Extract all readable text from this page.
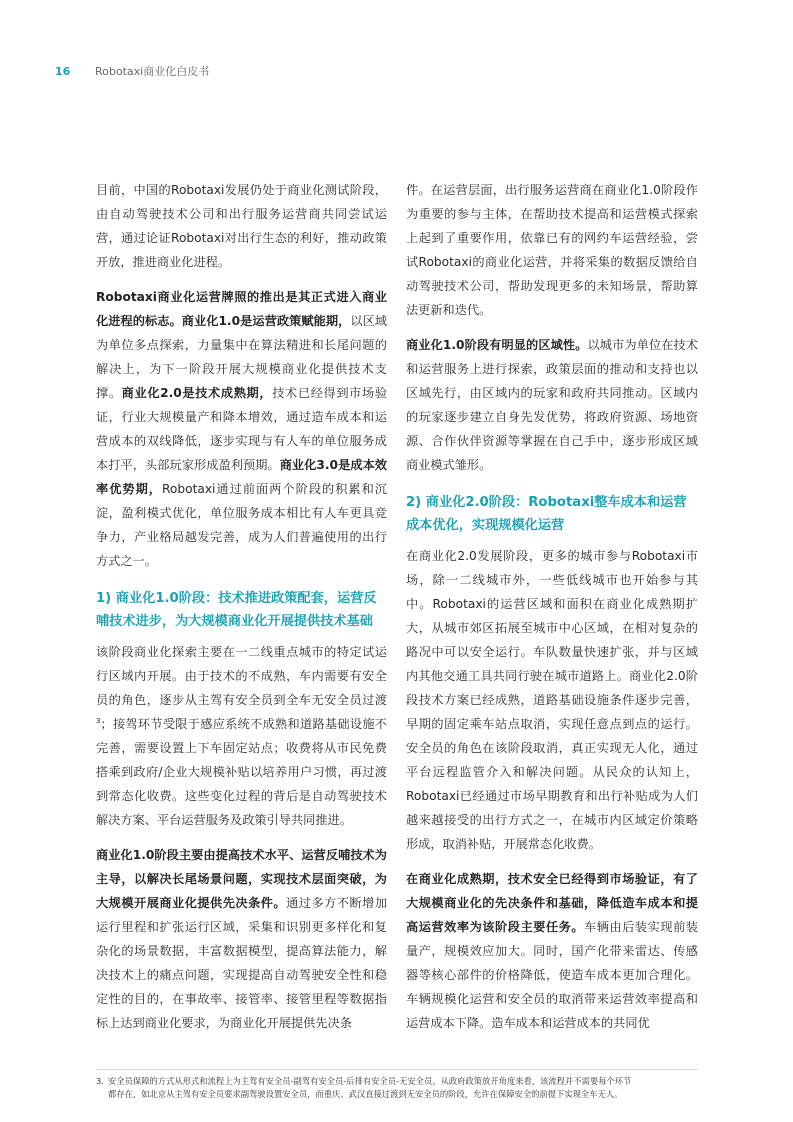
16	Robotaxi商业化白皮书

目前，中国的Robotaxi发展仍处于商业化测试阶段，由自动驾驶技术公司和出行服务运营商共同尝试运营，通过论证Robotaxi对出行生态的利好，推动政策开放，推进商业化进程。

Robotaxi商业化运营牌照的推出是其正式进入商业化进程的标志。商业化1.0是运营政策赋能期，以区域为单位多点探索，力量集中在算法精进和长尾问题的解决上，为下一阶段开展大规模商业化提供技术支撑。商业化2.0是技术成熟期，技术已经得到市场验证，行业大规模量产和降本增效，通过造车成本和运营成本的双线降低，逐步实现与有人车的单位服务成本打平，头部玩家形成盈利预期。商业化3.0是成本效率优势期，Robotaxi通过前面两个阶段的积累和沉淀，盈利模式优化，单位服务成本相比有人车更具竞争力，产业格局越发完善，成为人们普遍使用的出行方式之一。

1) 商业化1.0阶段：技术推进政策配套，运营反哺技术进步，为大规模商业化开展提供技术基础

该阶段商业化探索主要在一二线重点城市的特定试运行区域内开展。由于技术的不成熟，车内需要有安全员的角色，逐步从主驾有安全员到全车无安全员过渡$^3$；接驾环节受限于感应系统不成熟和道路基础设施不完善，需要设置上下车固定站点；收费将从市民免费搭乘到政府/企业大规模补贴以培养用户习惯，再过渡到常态化收费。这些变化过程的背后是自动驾驶技术解决方案、平台运营服务及政策引导共同推进。

商业化1.0阶段主要由提高技术水平、运营反哺技术为主导，以解决长尾场景问题，实现技术层面突破，为大规模开展商业化提供先决条件。通过多方不断增加运行里程和扩张运行区域，采集和识别更多样化和复杂化的场景数据，丰富数据模型，提高算法能力，解决技术上的痛点问题，实现提高自动驾驶安全性和稳定性的目的，在事故率、接管率、接管里程等数据指标上达到商业化要求，为商业化开展提供先决条

件。在运营层面，出行服务运营商在商业化1.0阶段作为重要的参与主体，在帮助技术提高和运营模式探索上起到了重要作用，依靠已有的网约车运营经验，尝试Robotaxi的商业化运营，并将采集的数据反馈给自动驾驶技术公司，帮助发现更多的未知场景，帮助算法更新和迭代。

商业化1.0阶段有明显的区域性。以城市为单位在技术和运营服务上进行探索，政策层面的推动和支持也以区域先行，由区域内的玩家和政府共同推动。区域内的玩家逐步建立自身先发优势，将政府资源、场地资源、合作伙伴资源等掌握在自己手中，逐步形成区域商业模式雏形。

2) 商业化2.0阶段：Robotaxi整车成本和运营成本优化，实现规模化运营

在商业化2.0发展阶段，更多的城市参与Robotaxi市场，除一二线城市外，一些低线城市也开始参与其中。Robotaxi的运营区域和面积在商业化成熟期扩大，从城市郊区拓展至城市中心区域，在相对复杂的路况中可以安全运行。车队数量快速扩张，并与区域内其他交通工具共同行驶在城市道路上。商业化2.0阶段技术方案已经成熟，道路基础设施条件逐步完善，早期的固定乘车站点取消，实现任意点到点的运行。安全员的角色在该阶段取消，真正实现无人化，通过平台远程监管介入和解决问题。从民众的认知上，Robotaxi已经通过市场早期教育和出行补贴成为人们越来越接受的出行方式之一，在城市内区域定价策略形成，取消补贴，开展常态化收费。

在商业化成熟期，技术安全已经得到市场验证，有了大规模商业化的先决条件和基础，降低造车成本和提高运营效率为该阶段主要任务。车辆由后装实现前装量产，规模效应加大。同时，国产化带来雷达、传感器等核心部件的价格降低，使造车成本更加合理化。车辆规模化运营和安全员的取消带来运营效率提高和运营成本下降。造车成本和运营成本的共同优

3. 安全员保障的方式从形式和流程上为主驾有安全员-副驾有安全员-后排有安全员-无安全员。从政府政策放开角度来看，该流程并不需要每个环节
都存在，如北京从主驾有安全员要求副驾驶设置安全员，而重庆、武汉直接过渡到无安全员的阶段，允许在保障安全的前提下实现全车无人。
